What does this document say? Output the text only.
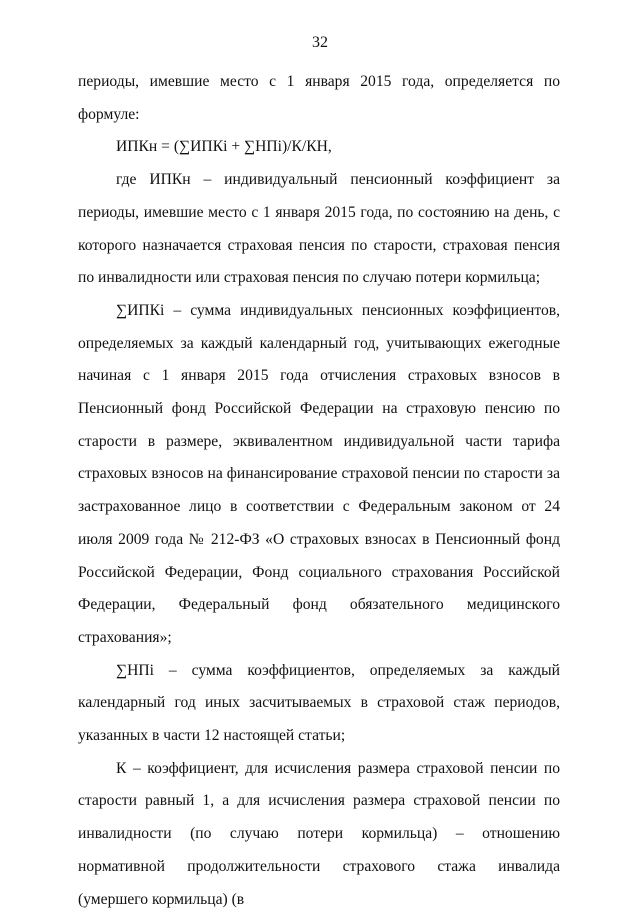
32

периоды, имевшие место с 1 января 2015 года, определяется по формуле:

ИПКн = (∑ИПКi + ∑НПi)/К/КН,

где ИПКн – индивидуальный пенсионный коэффициент за периоды, имевшие место с 1 января 2015 года, по состоянию на день, с которого назначается страховая пенсия по старости, страховая пенсия по инвалидности или страховая пенсия по случаю потери кормильца;

∑ИПКi – сумма индивидуальных пенсионных коэффициентов, определяемых за каждый календарный год, учитывающих ежегодные начиная с 1 января 2015 года отчисления страховых взносов в Пенсионный фонд Российской Федерации на страховую пенсию по старости в размере, эквивалентном индивидуальной части тарифа страховых взносов на финансирование страховой пенсии по старости за застрахованное лицо в соответствии с Федеральным законом от 24 июля 2009 года № 212-ФЗ «О страховых взносах в Пенсионный фонд Российской Федерации, Фонд социального страхования Российской Федерации, Федеральный фонд обязательного медицинского страхования»;

∑НПi – сумма коэффициентов, определяемых за каждый календарный год иных засчитываемых в страховой стаж периодов, указанных в части 12 настоящей статьи;

К – коэффициент, для исчисления размера страховой пенсии по старости равный 1, а для исчисления размера страховой пенсии по инвалидности (по случаю потери кормильца) – отношению нормативной продолжительности страхового стажа инвалида (умершего кормильца) (в
